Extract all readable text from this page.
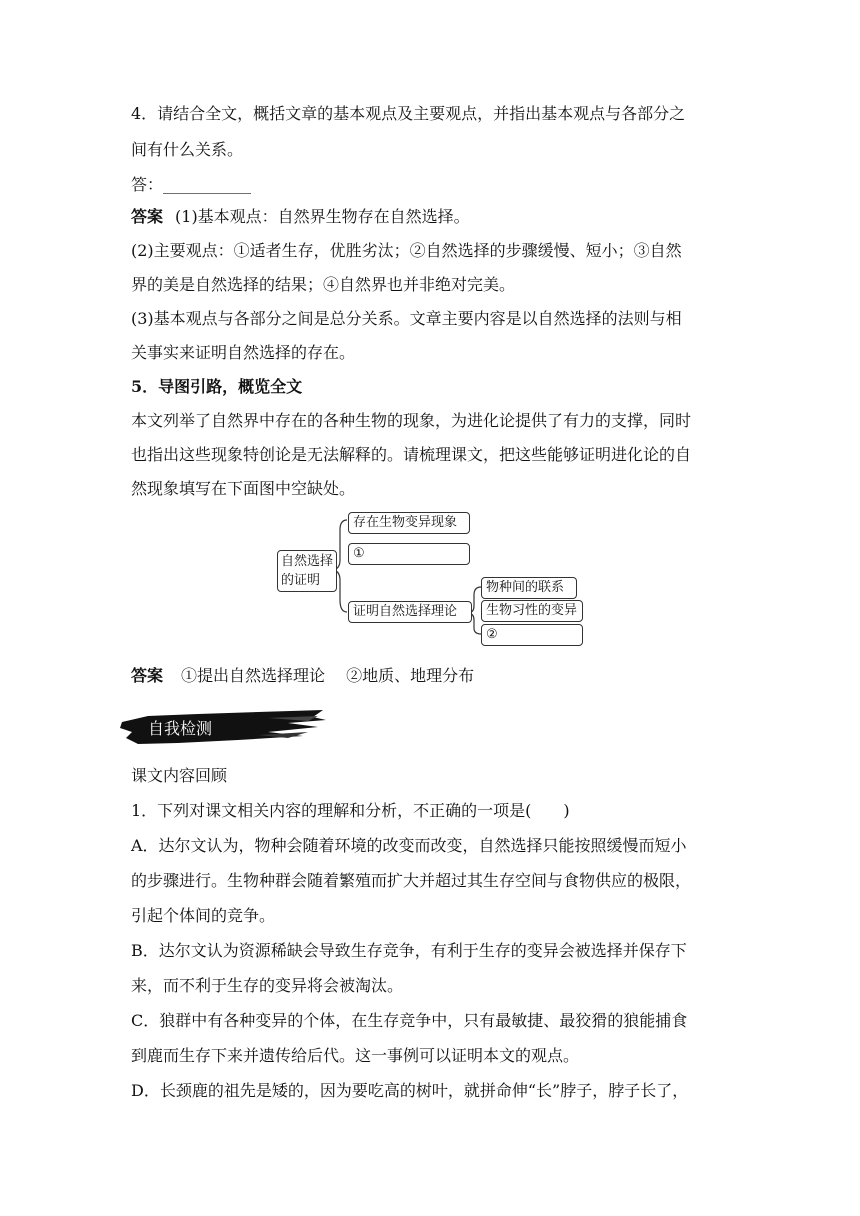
4．请结合全文，概括文章的基本观点及主要观点，并指出基本观点与各部分之
间有什么关系。
答：___________
答案 (1)基本观点：自然界生物存在自然选择。
(2)主要观点：①适者生存，优胜劣汰；②自然选择的步骤缓慢、短小；③自然
界的美是自然选择的结果；④自然界也并非绝对完美。
(3)基本观点与各部分之间是总分关系。文章主要内容是以自然选择的法则与相
关事实来证明自然选择的存在。
5．导图引路，概览全文
本文列举了自然界中存在的各种生物的现象，为进化论提供了有力的支撑，同时
也指出这些现象特创论是无法解释的。请梳理课文，把这些能够证明进化论的自
然现象填写在下面图中空缺处。
自然选择
的证明
存在生物变异现象
①
证明自然选择理论
物种间的联系
生物习性的变异
②
答案 ①提出自然选择理论　 ②地质、地理分布
自我检测
课文内容回顾
1．下列对课文相关内容的理解和分析，不正确的一项是(　　)
A．达尔文认为，物种会随着环境的改变而改变，自然选择只能按照缓慢而短小
的步骤进行。生物种群会随着繁殖而扩大并超过其生存空间与食物供应的极限，
引起个体间的竞争。
B．达尔文认为资源稀缺会导致生存竞争，有利于生存的变异会被选择并保存下
来，而不利于生存的变异将会被淘汰。
C．狼群中有各种变异的个体，在生存竞争中，只有最敏捷、最狡猾的狼能捕食
到鹿而生存下来并遗传给后代。这一事例可以证明本文的观点。
D．长颈鹿的祖先是矮的，因为要吃高的树叶，就拼命伸“长”脖子，脖子长了，
